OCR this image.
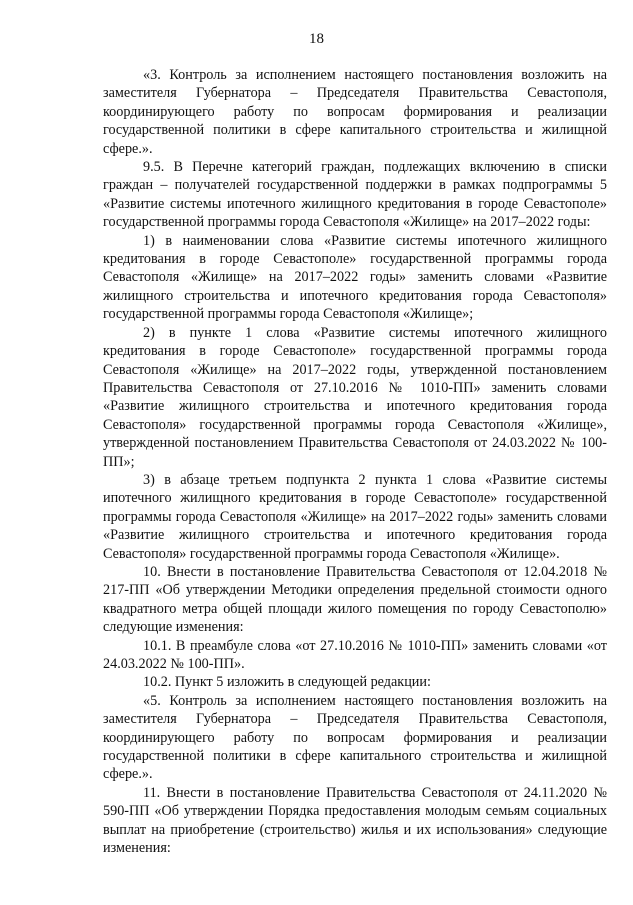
18

«3. Контроль за исполнением настоящего постановления возложить на заместителя Губернатора – Председателя Правительства Севастополя, координирующего работу по вопросам формирования и реализации государственной политики в сфере капитального строительства и жилищной сферe.».

9.5. В Перечне категорий граждан, подлежащих включению в списки граждан – получателей государственной поддержки в рамках подпрограммы 5 «Развитие системы ипотечного жилищного кредитования в городе Севастополе» государственной программы города Севастополя «Жилище» на 2017–2022 годы:

1) в наименовании слова «Развитие системы ипотечного жилищного кредитования в городе Севастополе» государственной программы города Севастополя «Жилище» на 2017–2022 годы» заменить словами «Развитие жилищного строительства и ипотечного кредитования города Севастополя» государственной программы города Севастополя «Жилище»;

2) в пункте 1 слова «Развитие системы ипотечного жилищного кредитования в городе Севастополе» государственной программы города Севастополя «Жилище» на 2017–2022 годы, утвержденной постановлением Правительства Севастополя от 27.10.2016 № 1010-ПП» заменить словами «Развитие жилищного строительства и ипотечного кредитования города Севастополя» государственной программы города Севастополя «Жилище», утвержденной постановлением Правительства Севастополя от 24.03.2022 № 100-ПП»;

3) в абзаце третьем подпункта 2 пункта 1 слова «Развитие системы ипотечного жилищного кредитования в городе Севастополе» государственной программы города Севастополя «Жилище» на 2017–2022 годы» заменить словами «Развитие жилищного строительства и ипотечного кредитования города Севастополя» государственной программы города Севастополя «Жилище».

10. Внести в постановление Правительства Севастополя от 12.04.2018 № 217-ПП «Об утверждении Методики определения предельной стоимости одного квадратного метра общей площади жилого помещения по городу Севастополю» следующие изменения:

10.1. В преамбуле слова «от 27.10.2016 № 1010-ПП» заменить словами «от 24.03.2022 № 100-ПП».

10.2. Пункт 5 изложить в следующей редакции:

«5. Контроль за исполнением настоящего постановления возложить на заместителя Губернатора – Председателя Правительства Севастополя, координирующего работу по вопросам формирования и реализации государственной политики в сфере капитального строительства и жилищной сферe.».

11. Внести в постановление Правительства Севастополя от 24.11.2020 № 590-ПП «Об утверждении Порядка предоставления молодым семьям социальных выплат на приобретение (строительство) жилья и их использования» следующие изменения:
